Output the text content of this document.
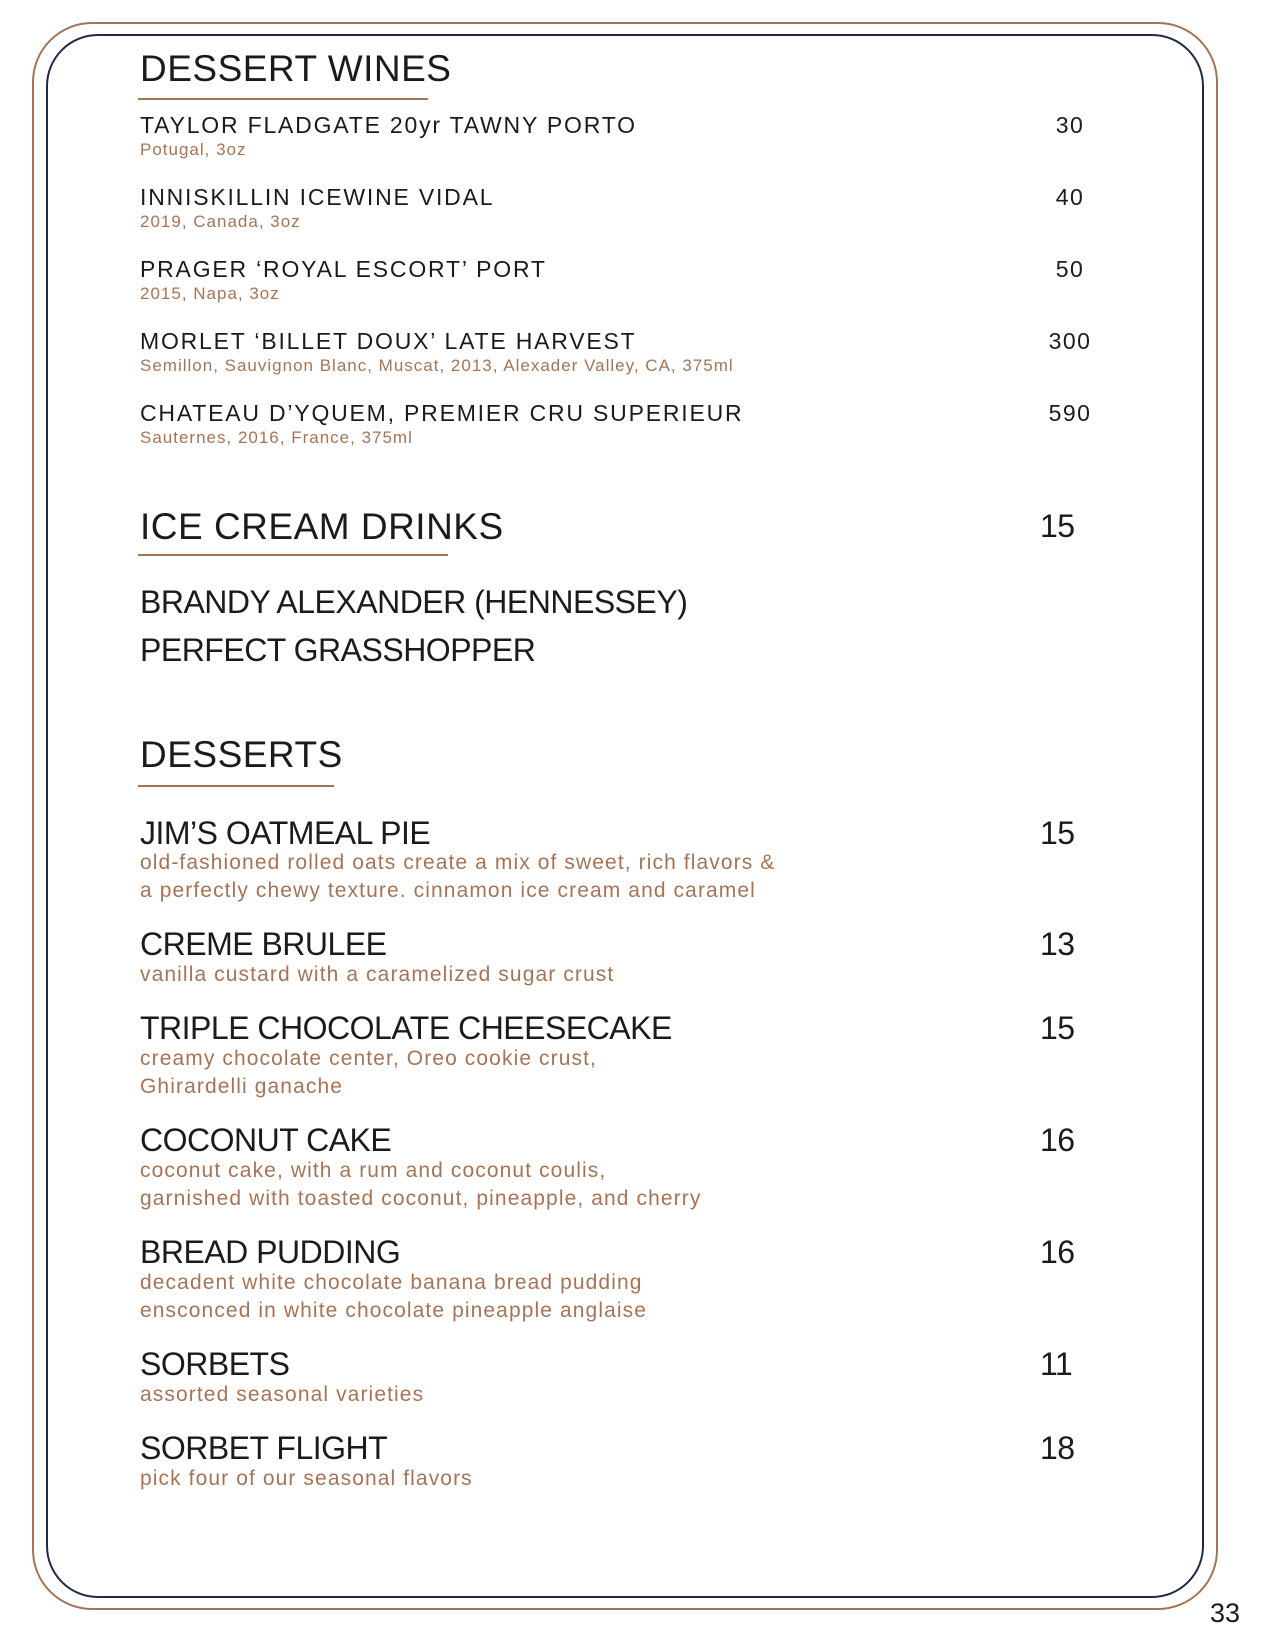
DESSERT WINES
TAYLOR FLADGATE 20yr TAWNY PORTO
Potugal, 3oz
30
INNISKILLIN ICEWINE VIDAL
2019, Canada, 3oz
40
PRAGER ‘ROYAL ESCORT’ PORT
2015, Napa, 3oz
50
MORLET ‘BILLET DOUX’ LATE HARVEST
Semillon, Sauvignon Blanc, Muscat, 2013, Alexader Valley, CA, 375ml
300
CHATEAU D’YQUEM, PREMIER CRU SUPERIEUR
Sauternes, 2016, France, 375ml
590
ICE CREAM DRINKS	15
BRANDY ALEXANDER (HENNESSEY)
PERFECT GRASSHOPPER
DESSERTS
JIM’S OATMEAL PIE	15
old-fashioned rolled oats create a mix of sweet, rich flavors &
a perfectly chewy texture. cinnamon ice cream and caramel
CREME BRULEE	13
vanilla custard with a caramelized sugar crust
TRIPLE CHOCOLATE CHEESECAKE	15
creamy chocolate center, Oreo cookie crust,
Ghirardelli ganache
COCONUT CAKE	16
coconut cake, with a rum and coconut coulis,
garnished with toasted coconut, pineapple, and cherry
BREAD PUDDING	16
decadent white chocolate banana bread pudding
ensconced in white chocolate pineapple anglaise
SORBETS	11
assorted seasonal varieties
SORBET FLIGHT	18
pick four of our seasonal flavors
33
